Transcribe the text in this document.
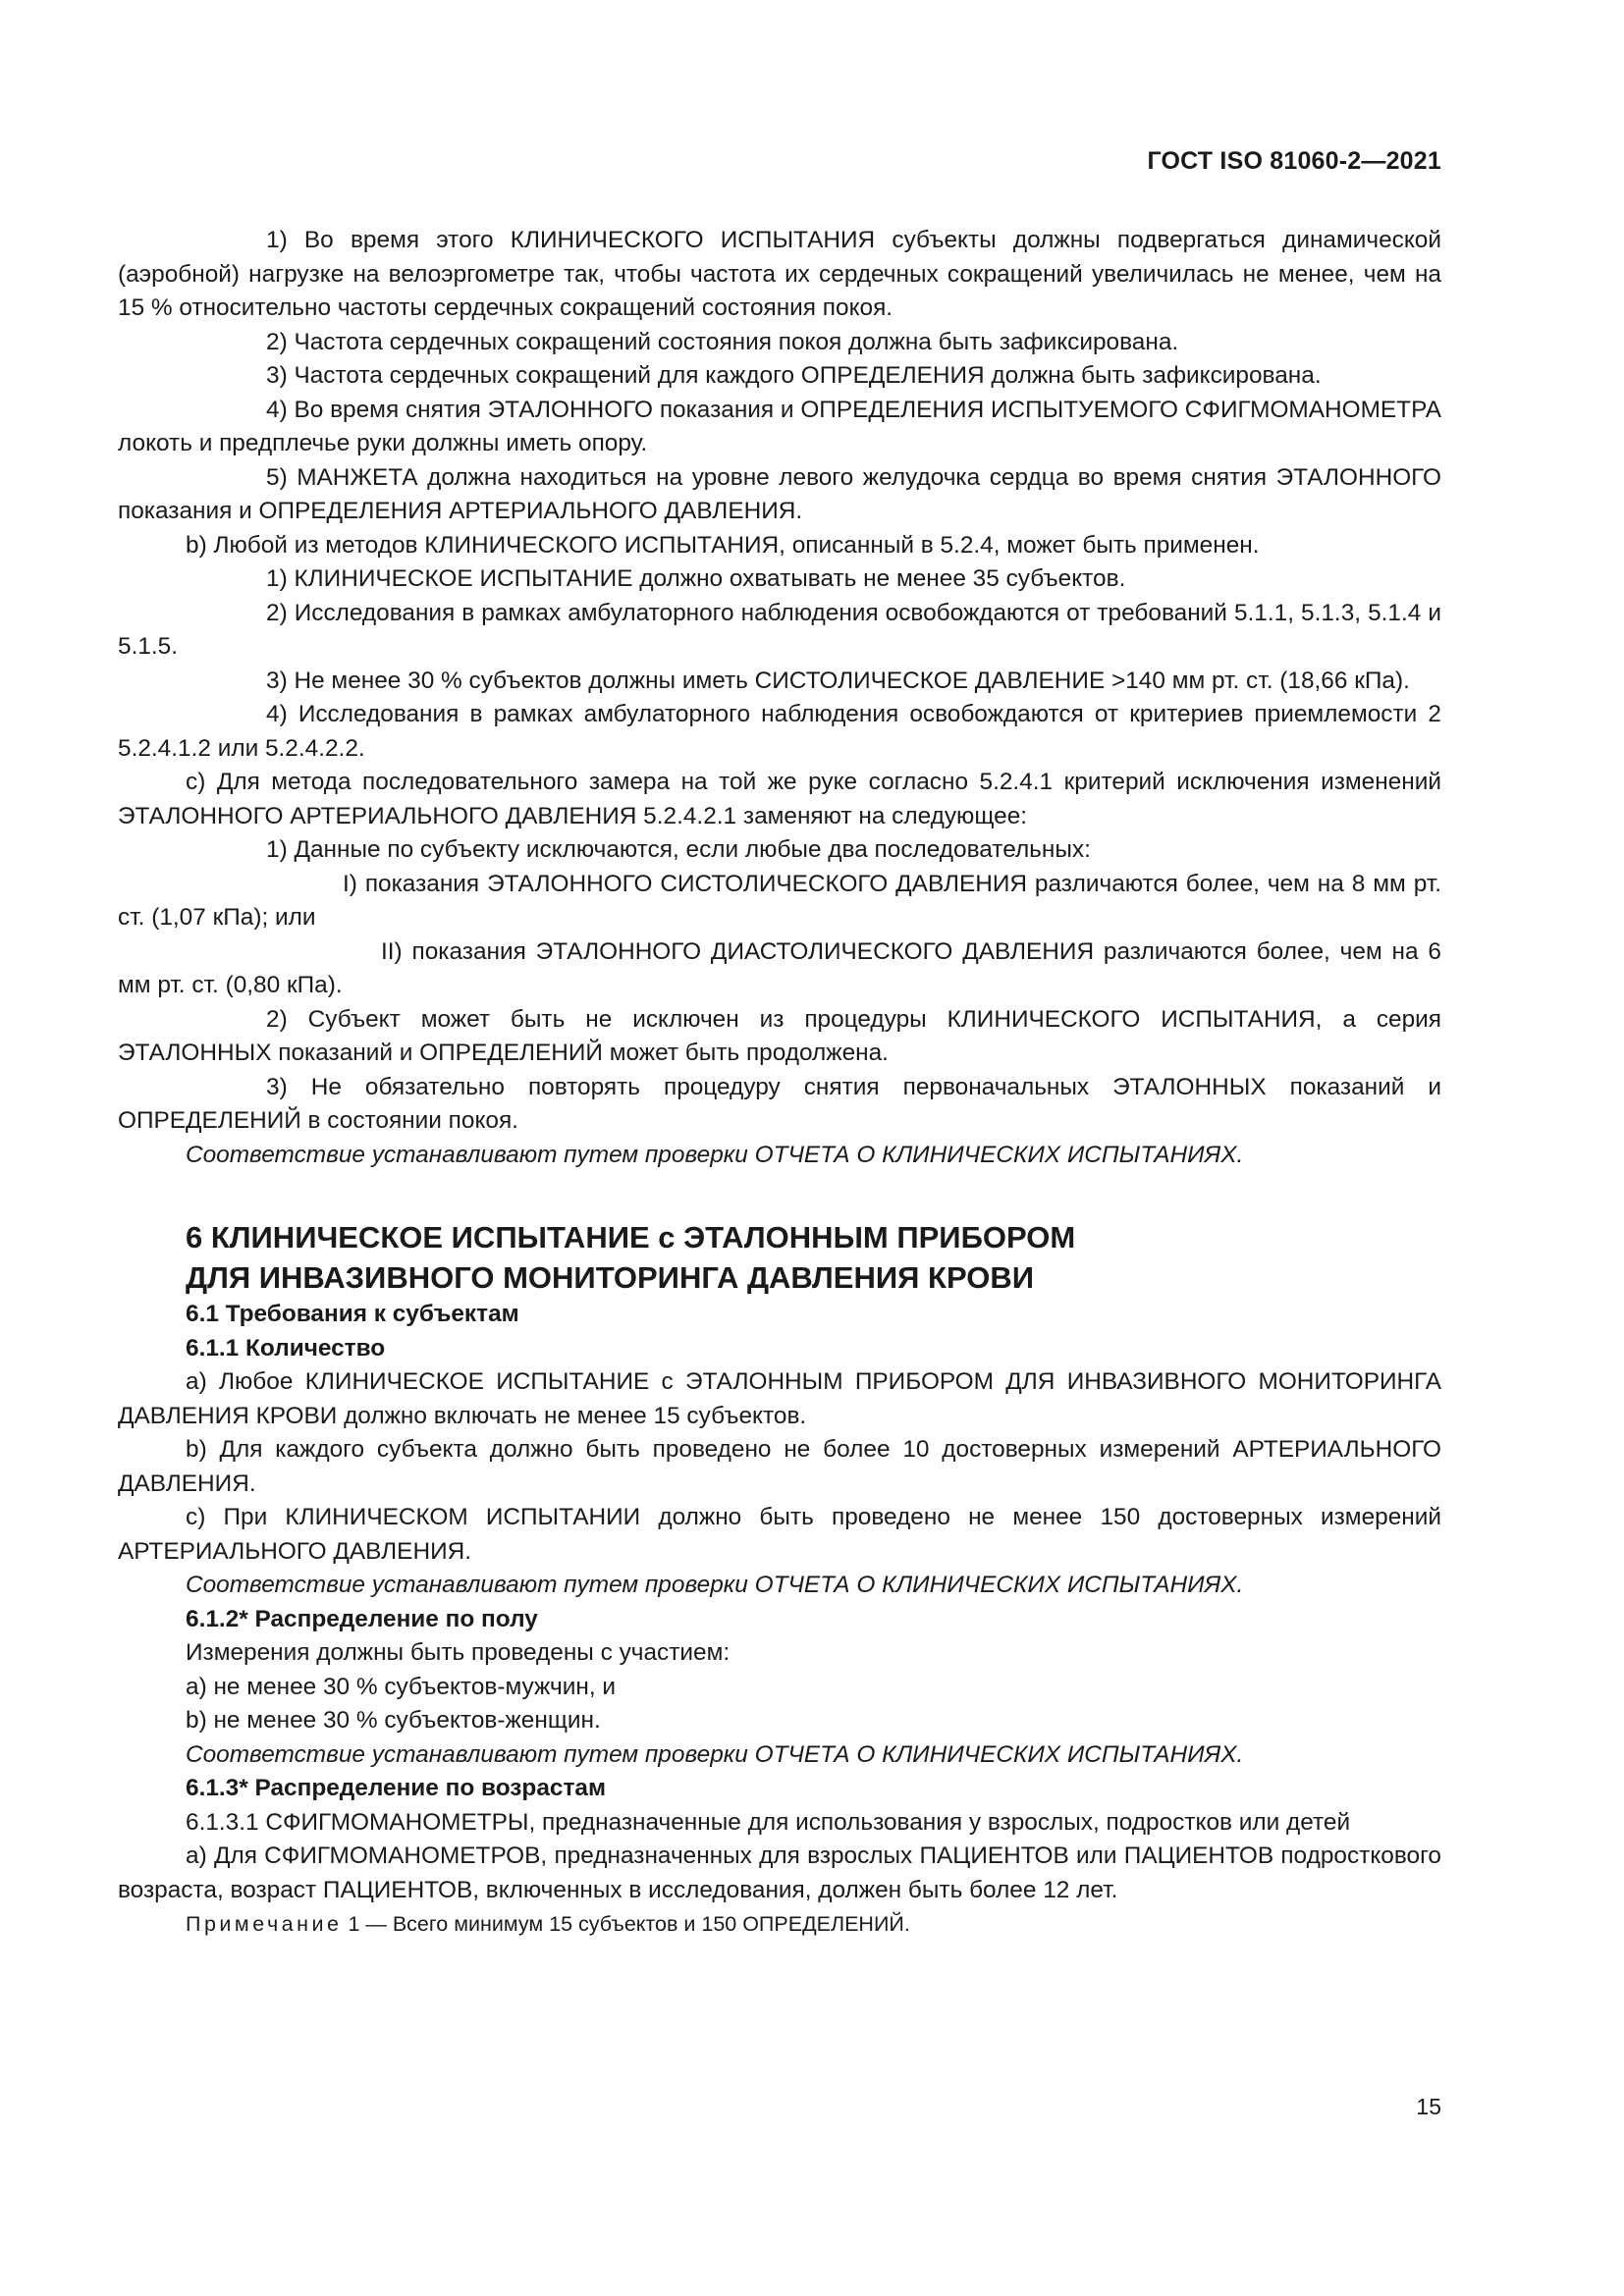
ГОСТ ISO 81060-2—2021

1) Во время этого КЛИНИЧЕСКОГО ИСПЫТАНИЯ субъекты должны подвергаться динамической (аэробной) нагрузке на велоэргометре так, чтобы частота их сердечных сокращений увеличилась не менее, чем на 15 % относительно частоты сердечных сокращений состояния покоя.

2) Частота сердечных сокращений состояния покоя должна быть зафиксирована.

3) Частота сердечных сокращений для каждого ОПРЕДЕЛЕНИЯ должна быть зафиксирована.

4) Во время снятия ЭТАЛОННОГО показания и ОПРЕДЕЛЕНИЯ ИСПЫТУЕМОГО СФИГМОМАНОМЕТРА локоть и предплечье руки должны иметь опору.

5) МАНЖЕТА должна находиться на уровне левого желудочка сердца во время снятия ЭТАЛОННОГО показания и ОПРЕДЕЛЕНИЯ АРТЕРИАЛЬНОГО ДАВЛЕНИЯ.

b) Любой из методов КЛИНИЧЕСКОГО ИСПЫТАНИЯ, описанный в 5.2.4, может быть применен.

1) КЛИНИЧЕСКОЕ ИСПЫТАНИЕ должно охватывать не менее 35 субъектов.

2) Исследования в рамках амбулаторного наблюдения освобождаются от требований 5.1.1, 5.1.3, 5.1.4 и 5.1.5.

3) Не менее 30 % субъектов должны иметь СИСТОЛИЧЕСКОЕ ДАВЛЕНИЕ >140 мм рт. ст. (18,66 кПа).

4) Исследования в рамках амбулаторного наблюдения освобождаются от критериев приемлемости 2 5.2.4.1.2 или 5.2.4.2.2.

c) Для метода последовательного замера на той же руке согласно 5.2.4.1 критерий исключения изменений ЭТАЛОННОГО АРТЕРИАЛЬНОГО ДАВЛЕНИЯ 5.2.4.2.1 заменяют на следующее:

1) Данные по субъекту исключаются, если любые два последовательных:

I) показания ЭТАЛОННОГО СИСТОЛИЧЕСКОГО ДАВЛЕНИЯ различаются более, чем на 8 мм рт. ст. (1,07 кПа); или

II) показания ЭТАЛОННОГО ДИАСТОЛИЧЕСКОГО ДАВЛЕНИЯ различаются более, чем на 6 мм рт. ст. (0,80 кПа).

2) Субъект может быть не исключен из процедуры КЛИНИЧЕСКОГО ИСПЫТАНИЯ, а серия ЭТАЛОННЫХ показаний и ОПРЕДЕЛЕНИЙ может быть продолжена.

3) Не обязательно повторять процедуру снятия первоначальных ЭТАЛОННЫХ показаний и ОПРЕДЕЛЕНИЙ в состоянии покоя.

Соответствие устанавливают путем проверки ОТЧЕТА О КЛИНИЧЕСКИХ ИСПЫТАНИЯХ.

6 КЛИНИЧЕСКОЕ ИСПЫТАНИЕ с ЭТАЛОННЫМ ПРИБОРОМ
ДЛЯ ИНВАЗИВНОГО МОНИТОРИНГА ДАВЛЕНИЯ КРОВИ

6.1 Требования к субъектам

6.1.1 Количество

a) Любое КЛИНИЧЕСКОЕ ИСПЫТАНИЕ с ЭТАЛОННЫМ ПРИБОРОМ ДЛЯ ИНВАЗИВНОГО МОНИТОРИНГА ДАВЛЕНИЯ КРОВИ должно включать не менее 15 субъектов.

b) Для каждого субъекта должно быть проведено не более 10 достоверных измерений АРТЕРИАЛЬНОГО ДАВЛЕНИЯ.

c) При КЛИНИЧЕСКОМ ИСПЫТАНИИ должно быть проведено не менее 150 достоверных измерений АРТЕРИАЛЬНОГО ДАВЛЕНИЯ.

Соответствие устанавливают путем проверки ОТЧЕТА О КЛИНИЧЕСКИХ ИСПЫТАНИЯХ.

6.1.2* Распределение по полу

Измерения должны быть проведены с участием:

a) не менее 30 % субъектов-мужчин, и

b) не менее 30 % субъектов-женщин.

Соответствие устанавливают путем проверки ОТЧЕТА О КЛИНИЧЕСКИХ ИСПЫТАНИЯХ.

6.1.3* Распределение по возрастам

6.1.3.1 СФИГМОМАНОМЕТРЫ, предназначенные для использования у взрослых, подростков или детей

a) Для СФИГМОМАНОМЕТРОВ, предназначенных для взрослых ПАЦИЕНТОВ или ПАЦИЕНТОВ подросткового возраста, возраст ПАЦИЕНТОВ, включенных в исследования, должен быть более 12 лет.

Примечание 1 — Всего минимум 15 субъектов и 150 ОПРЕДЕЛЕНИЙ.

15
